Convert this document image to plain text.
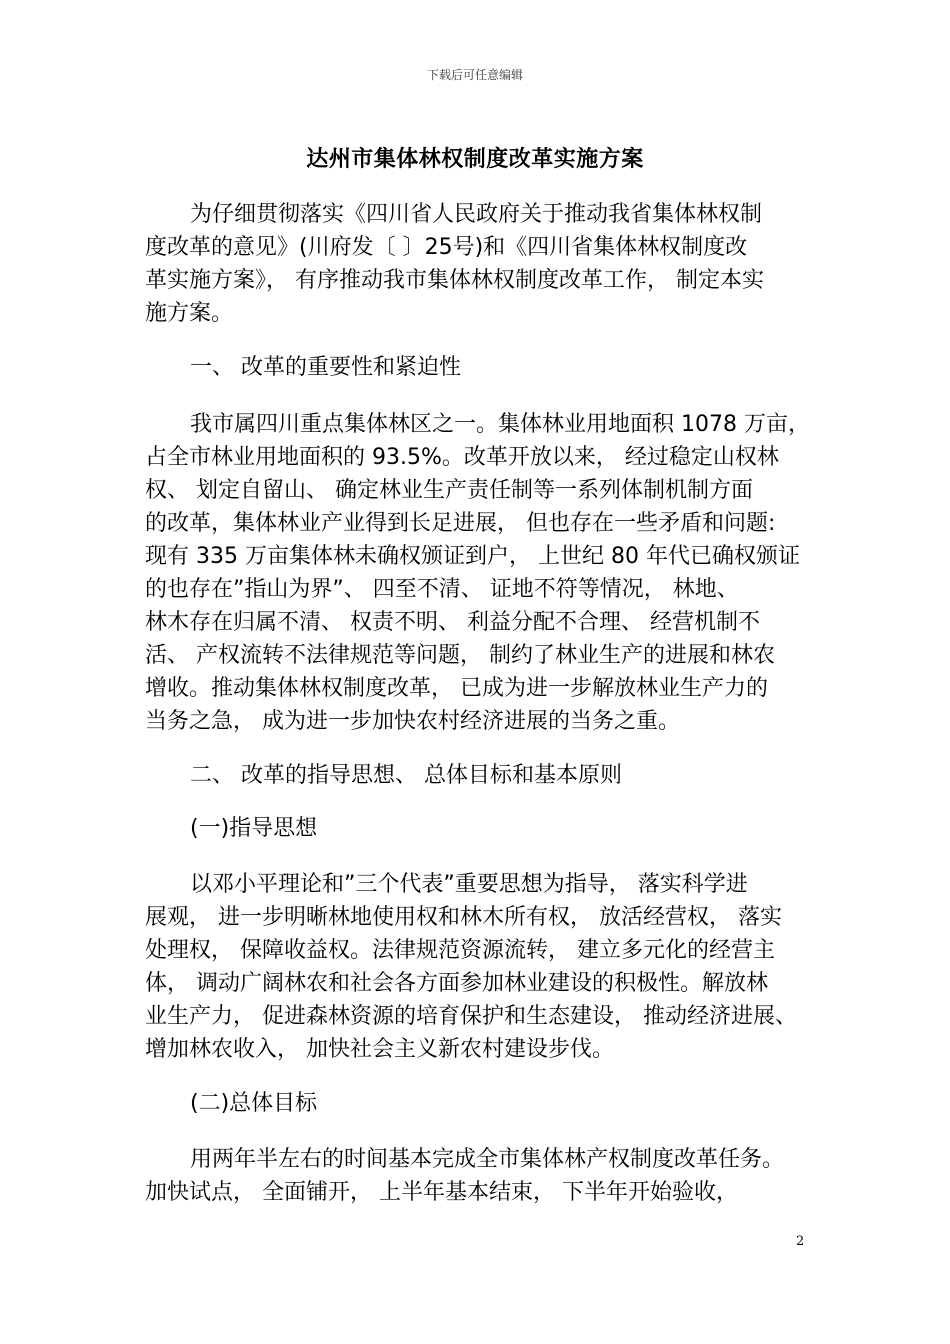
下载后可任意编辑
达州市集体林权制度改革实施方案
为仔细贯彻落实《四川省人民政府关于推动我省集体林权制
度改革的意见》(川府发〔 〕25号)和《四川省集体林权制度改
革实施方案》， 有序推动我市集体林权制度改革工作， 制定本实
施方案。
一、 改革的重要性和紧迫性
我市属四川重点集体林区之一。集体林业用地面积 1078 万亩，
占全市林业用地面积的 93.5%。改革开放以来， 经过稳定山权林
权、 划定自留山、 确定林业生产责任制等一系列体制机制方面
的改革，集体林业产业得到长足进展， 但也存在一些矛盾和问题:
现有 335 万亩集体林未确权颁证到户， 上世纪 80 年代已确权颁证
的也存在”指山为界”、 四至不清、 证地不符等情况， 林地、
林木存在归属不清、 权责不明、 利益分配不合理、 经营机制不
活、 产权流转不法律规范等问题， 制约了林业生产的进展和林农
增收。推动集体林权制度改革， 已成为进一步解放林业生产力的
当务之急， 成为进一步加快农村经济进展的当务之重。
二、 改革的指导思想、 总体目标和基本原则
(一)指导思想
以邓小平理论和”三个代表”重要思想为指导， 落实科学进
展观， 进一步明晰林地使用权和林木所有权， 放活经营权， 落实
处理权， 保障收益权。法律规范资源流转， 建立多元化的经营主
体， 调动广阔林农和社会各方面参加林业建设的积极性。解放林
业生产力， 促进森林资源的培育保护和生态建设， 推动经济进展、
增加林农收入， 加快社会主义新农村建设步伐。
(二)总体目标
用两年半左右的时间基本完成全市集体林产权制度改革任务。
加快试点， 全面铺开， 上半年基本结束， 下半年开始验收，
2
